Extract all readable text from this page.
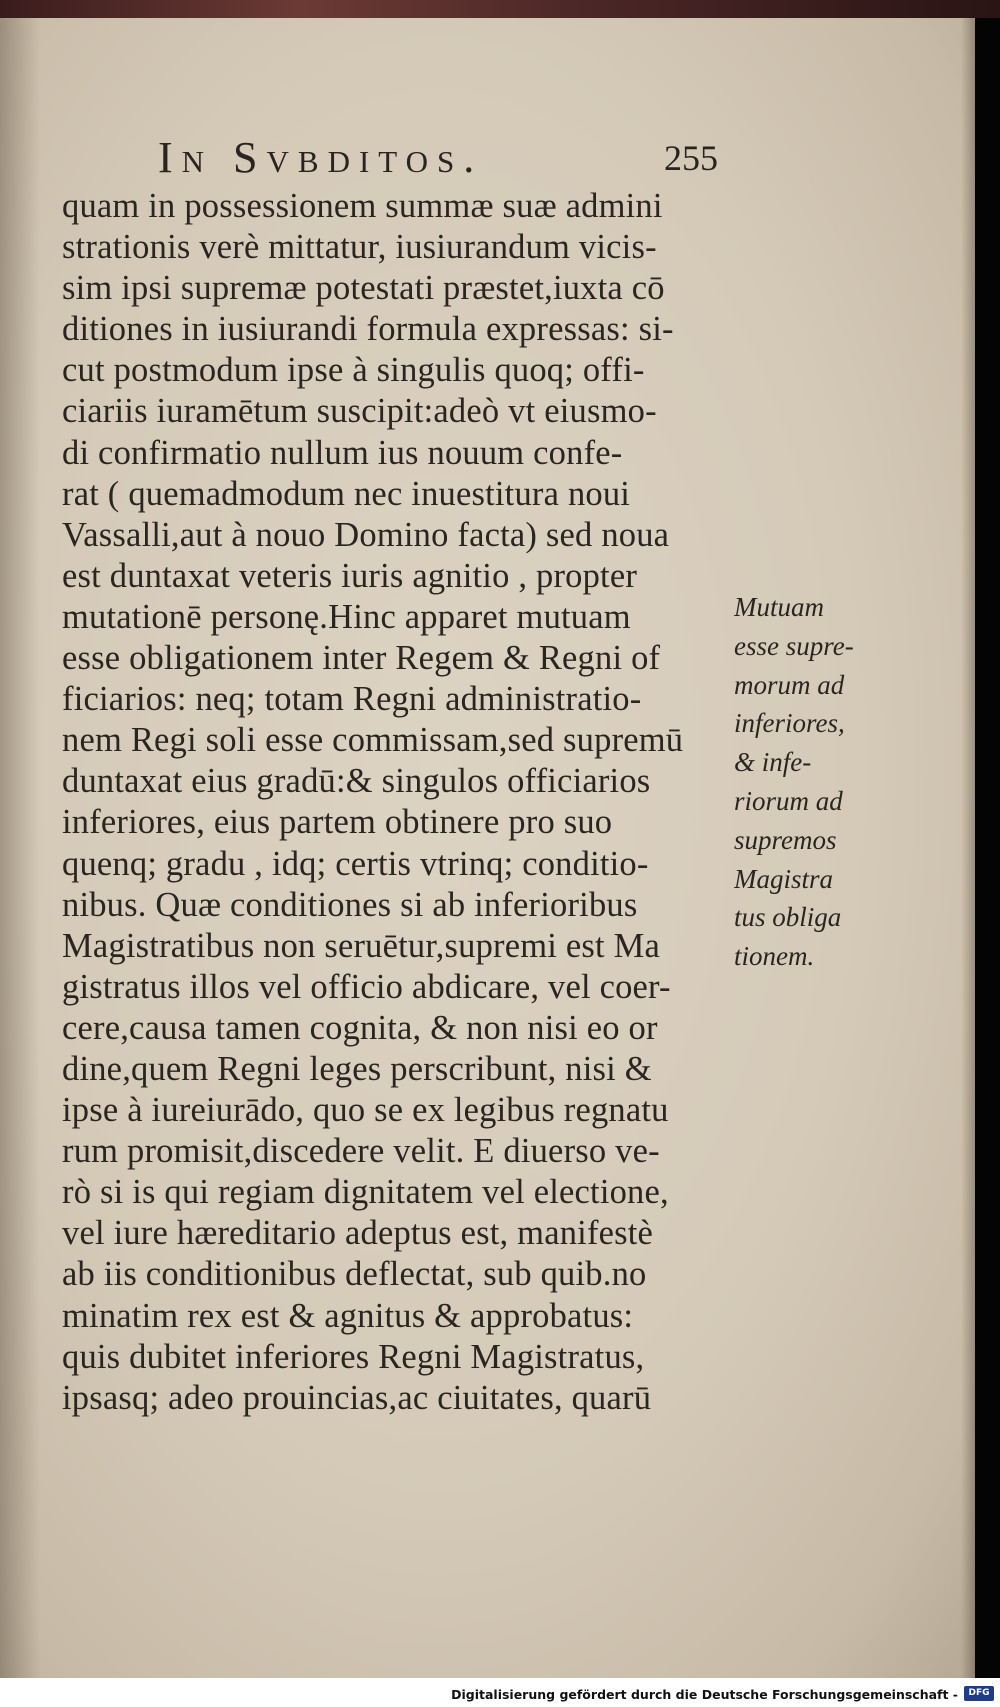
In Svbditos.	255
quam in possessionem summæ suæ admini
strationis verè mittatur, iusiurandum vicis-
sim ipsi supremæ potestati præstet,iuxta cō
ditiones in iusiurandi formula expressas: si-
cut postmodum ipse à singulis quoq; offi-
ciariis iuramētum suscipit:adeò vt eiusmo-
di confirmatio nullum ius nouum confe-
rat ( quemadmodum nec inuestitura noui
Vassalli,aut à nouo Domino facta) sed noua
est duntaxat veteris iuris agnitio , propter
mutationē personę.Hinc apparet mutuam
esse obligationem inter Regem & Regni of
ficiarios: neq; totam Regni administratio-
nem Regi soli esse commissam,sed supremū
duntaxat eius gradū:& singulos officiarios
inferiores, eius partem obtinere pro suo
quenq; gradu , idq; certis vtrinq; conditio-
nibus. Quæ conditiones si ab inferioribus
Magistratibus non seruētur,supremi est Ma
gistratus illos vel officio abdicare, vel coer-
cere,causa tamen cognita, & non nisi eo or
dine,quem Regni leges perscribunt, nisi &
ipse à iureiurādo, quo se ex legibus regnatu
rum promisit,discedere velit. E diuerso ve-
rò si is qui regiam dignitatem vel electione,
vel iure hæreditario adeptus est, manifestè
ab iis conditionibus deflectat, sub quib.no
minatim rex est & agnitus & approbatus:
quis dubitet inferiores Regni Magistratus,
ipsasq; adeo prouincias,ac ciuitates, quarū
Mutuam
esse supre-
morum ad
inferiores,
& infe-
riorum ad
supremos
Magistra
tus obliga
tionem.
Digitalisierung gefördert durch die Deutsche Forschungsgemeinschaft -	DFG
